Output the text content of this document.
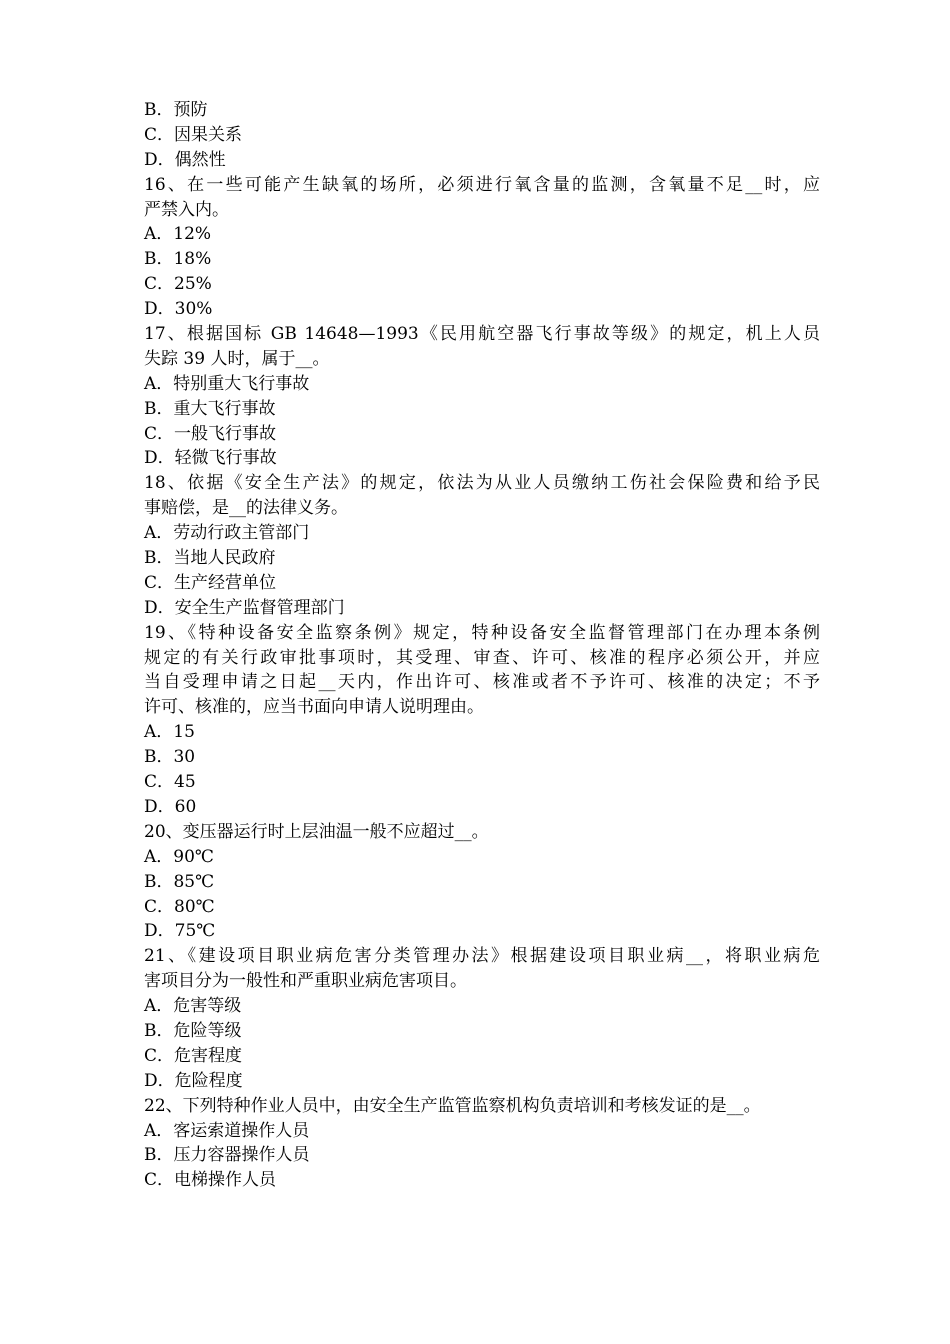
B．预防
C．因果关系
D．偶然性
16、在一些可能产生缺氧的场所，必须进行氧含量的监测，含氧量不足__时，应
严禁入内。
A．12%
B．18%
C．25%
D．30%
17、根据国标 GB 14648—1993《民用航空器飞行事故等级》的规定，机上人员
失踪 39 人时，属于__。
A．特别重大飞行事故
B．重大飞行事故
C．一般飞行事故
D．轻微飞行事故
18、依据《安全生产法》的规定，依法为从业人员缴纳工伤社会保险费和给予民
事赔偿，是__的法律义务。
A．劳动行政主管部门
B．当地人民政府
C．生产经营单位
D．安全生产监督管理部门
19、《特种设备安全监察条例》规定，特种设备安全监督管理部门在办理本条例
规定的有关行政审批事项时，其受理、审查、许可、核准的程序必须公开，并应
当自受理申请之日起__天内，作出许可、核准或者不予许可、核准的决定；不予
许可、核准的，应当书面向申请人说明理由。
A．15
B．30
C．45
D．60
20、变压器运行时上层油温一般不应超过__。
A．90℃
B．85℃
C．80℃
D．75℃
21、《建设项目职业病危害分类管理办法》根据建设项目职业病__，将职业病危
害项目分为一般性和严重职业病危害项目。
A．危害等级
B．危险等级
C．危害程度
D．危险程度
22、下列特种作业人员中，由安全生产监管监察机构负责培训和考核发证的是__。
A．客运索道操作人员
B．压力容器操作人员
C．电梯操作人员
